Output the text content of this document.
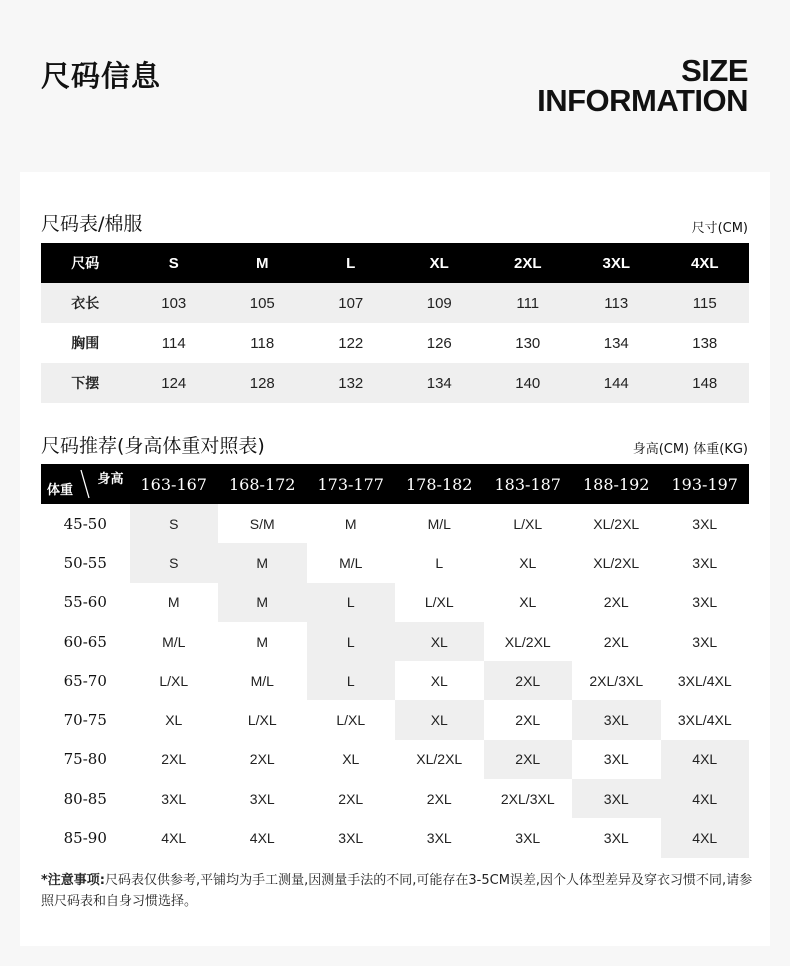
尺码信息	SIZE
INFORMATION
尺码表/棉服	尺寸(CM)
尺码	S	M	L	XL	2XL	3XL	4XL
衣长	103	105	107	109	111	113	115
胸围	114	118	122	126	130	134	138
下摆	124	128	132	134	140	144	148
尺码推荐(身高体重对照表)	身高(CM) 体重(KG)
身高
体重	163-167	168-172	173-177	178-182	183-187	188-192	193-197
45-50	S	S/M	M	M/L	L/XL	XL/2XL	3XL
50-55	S	M	M/L	L	XL	XL/2XL	3XL
55-60	M	M	L	L/XL	XL	2XL	3XL
60-65	M/L	M	L	XL	XL/2XL	2XL	3XL
65-70	L/XL	M/L	L	XL	2XL	2XL/3XL	3XL/4XL
70-75	XL	L/XL	L/XL	XL	2XL	3XL	3XL/4XL
75-80	2XL	2XL	XL	XL/2XL	2XL	3XL	4XL
80-85	3XL	3XL	2XL	2XL	2XL/3XL	3XL	4XL
85-90	4XL	4XL	3XL	3XL	3XL	3XL	4XL
*注意事项:尺码表仅供参考,平铺均为手工测量,因测量手法的不同,可能存在3-5CM误差,因个人体型差异及穿衣习惯不同,请参照尺码表和自身习惯选择。
